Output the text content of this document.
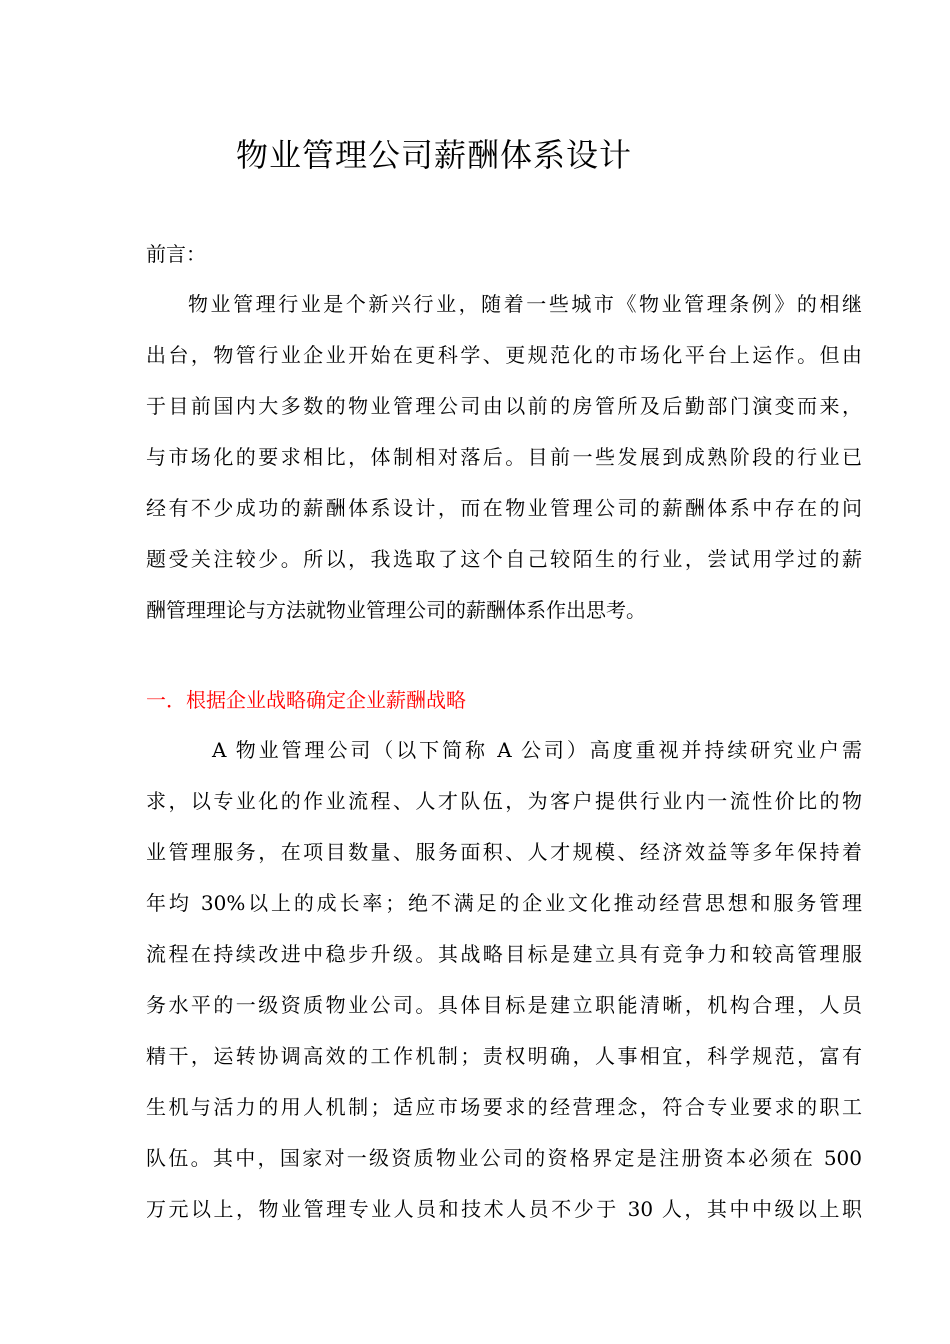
物业管理公司薪酬体系设计

前言：

物业管理行业是个新兴行业，随着一些城市《物业管理条例》的相继
出台，物管行业企业开始在更科学、更规范化的市场化平台上运作。但由
于目前国内大多数的物业管理公司由以前的房管所及后勤部门演变而来，
与市场化的要求相比，体制相对落后。目前一些发展到成熟阶段的行业已
经有不少成功的薪酬体系设计，而在物业管理公司的薪酬体系中存在的问
题受关注较少。所以，我选取了这个自己较陌生的行业，尝试用学过的薪
酬管理理论与方法就物业管理公司的薪酬体系作出思考。
一．根据企业战略确定企业薪酬战略
A 物业管理公司（以下简称 A 公司）高度重视并持续研究业户需
求，以专业化的作业流程、人才队伍，为客户提供行业内一流性价比的物
业管理服务，在项目数量、服务面积、人才规模、经济效益等多年保持着
年均 30%以上的成长率；绝不满足的企业文化推动经营思想和服务管理
流程在持续改进中稳步升级。其战略目标是建立具有竞争力和较高管理服
务水平的一级资质物业公司。具体目标是建立职能清晰，机构合理，人员
精干，运转协调高效的工作机制；责权明确，人事相宜，科学规范，富有
生机与活力的用人机制；适应市场要求的经营理念，符合专业要求的职工
队伍。其中，国家对一级资质物业公司的资格界定是注册资本必须在 500
万元以上，物业管理专业人员和技术人员不少于 30 人，其中中级以上职
